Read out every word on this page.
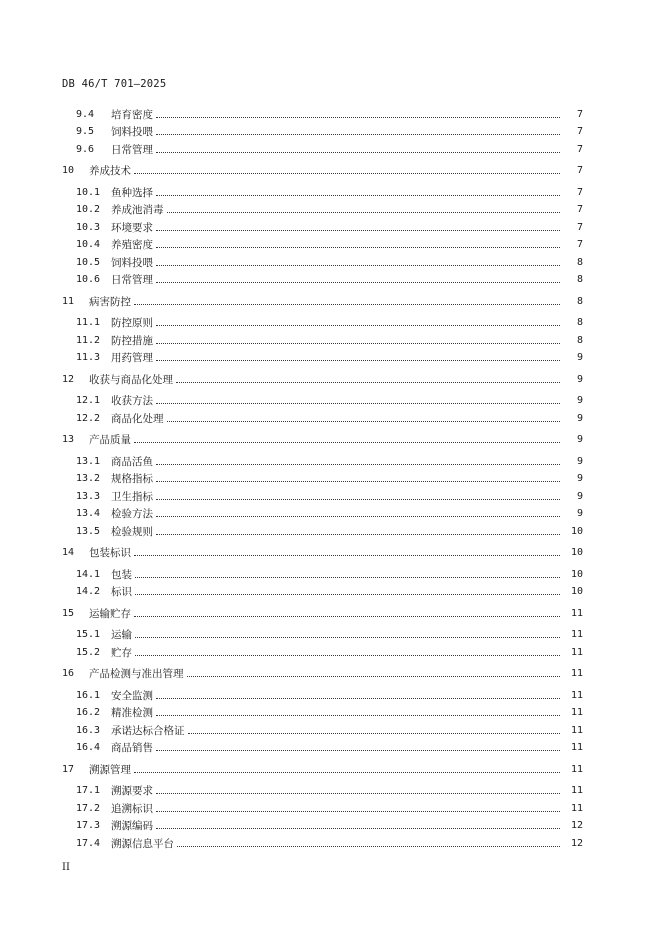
DB 46/T 701—2025
9.4	培育密度	7
9.5	饲料投喂	7
9.6	日常管理	7
10	养成技术	7
10.1	鱼种选择	7
10.2	养成池消毒	7
10.3	环境要求	7
10.4	养殖密度	7
10.5	饲料投喂	8
10.6	日常管理	8
11	病害防控	8
11.1	防控原则	8
11.2	防控措施	8
11.3	用药管理	9
12	收获与商品化处理	9
12.1	收获方法	9
12.2	商品化处理	9
13	产品质量	9
13.1	商品活鱼	9
13.2	规格指标	9
13.3	卫生指标	9
13.4	检验方法	9
13.5	检验规则	10
14	包装标识	10
14.1	包装	10
14.2	标识	10
15	运输贮存	11
15.1	运输	11
15.2	贮存	11
16	产品检测与准出管理	11
16.1	安全监测	11
16.2	精准检测	11
16.3	承诺达标合格证	11
16.4	商品销售	11
17	溯源管理	11
17.1	溯源要求	11
17.2	追溯标识	11
17.3	溯源编码	12
17.4	溯源信息平台	12
II
